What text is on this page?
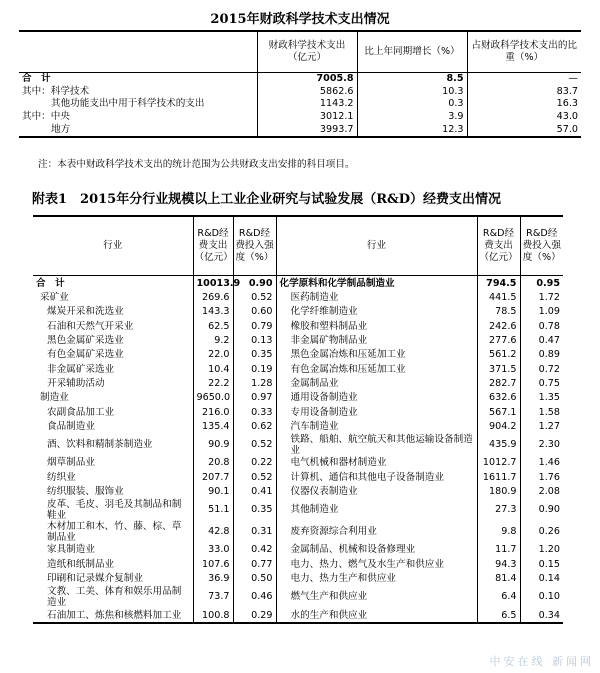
2015年财政科学技术支出情况
	财政科学技术支出（亿元）	比上年同期增长（%）	占财政科学技术支出的比重（%）
合　计	7005.8	8.5	—
其中：科学技术	5862.6	10.3	83.7
其他功能支出中用于科学技术的支出	1143.2	0.3	16.3
其中：中央	3012.1	3.9	43.0
地方	3993.7	12.3	57.0
注：本表中财政科学技术支出的统计范围为公共财政支出安排的科目项目。
附表1　2015年分行业规模以上工业企业研究与试验发展（R&D）经费支出情况
行业	R&D经费支出（亿元）	R&D经费投入强度（%）	行业	R&D经费支出（亿元）	R&D经费投入强度（%）
合　计	10013.9	0.90	化学原料和化学制品制造业	794.5	0.95
采矿业	269.6	0.52	医药制造业	441.5	1.72
煤炭开采和洗选业	143.3	0.60	化学纤维制造业	78.5	1.09
石油和天然气开采业	62.5	0.79	橡胶和塑料制品业	242.6	0.78
黑色金属矿采选业	9.2	0.13	非金属矿物制品业	277.6	0.47
有色金属矿采选业	22.0	0.35	黑色金属冶炼和压延加工业	561.2	0.89
非金属矿采选业	10.4	0.19	有色金属冶炼和压延加工业	371.5	0.72
开采辅助活动	22.2	1.28	金属制品业	282.7	0.75
制造业	9650.0	0.97	通用设备制造业	632.6	1.35
农副食品加工业	216.0	0.33	专用设备制造业	567.1	1.58
食品制造业	135.4	0.62	汽车制造业	904.2	1.27
酒、饮料和精制茶制造业	90.9	0.52	铁路、船舶、航空航天和其他运输设备制造业	435.9	2.30
烟草制品业	20.8	0.22	电气机械和器材制造业	1012.7	1.46
纺织业	207.7	0.52	计算机、通信和其他电子设备制造业	1611.7	1.76
纺织服装、服饰业	90.1	0.41	仪器仪表制造业	180.9	2.08
皮革、毛皮、羽毛及其制品和制鞋业	51.1	0.35	其他制造业	27.3	0.90
木材加工和木、竹、藤、棕、草制品业	42.8	0.31	废弃资源综合利用业	9.8	0.26
家具制造业	33.0	0.42	金属制品、机械和设备修理业	11.7	1.20
造纸和纸制品业	107.6	0.77	电力、热力、燃气及水生产和供应业	94.3	0.15
印刷和记录媒介复制业	36.9	0.50	电力、热力生产和供应业	81.4	0.14
文教、工美、体育和娱乐用品制造业	73.7	0.46	燃气生产和供应业	6.4	0.10
石油加工、炼焦和核燃料加工业	100.8	0.29	水的生产和供应业	6.5	0.34
中安在线 新闻网
